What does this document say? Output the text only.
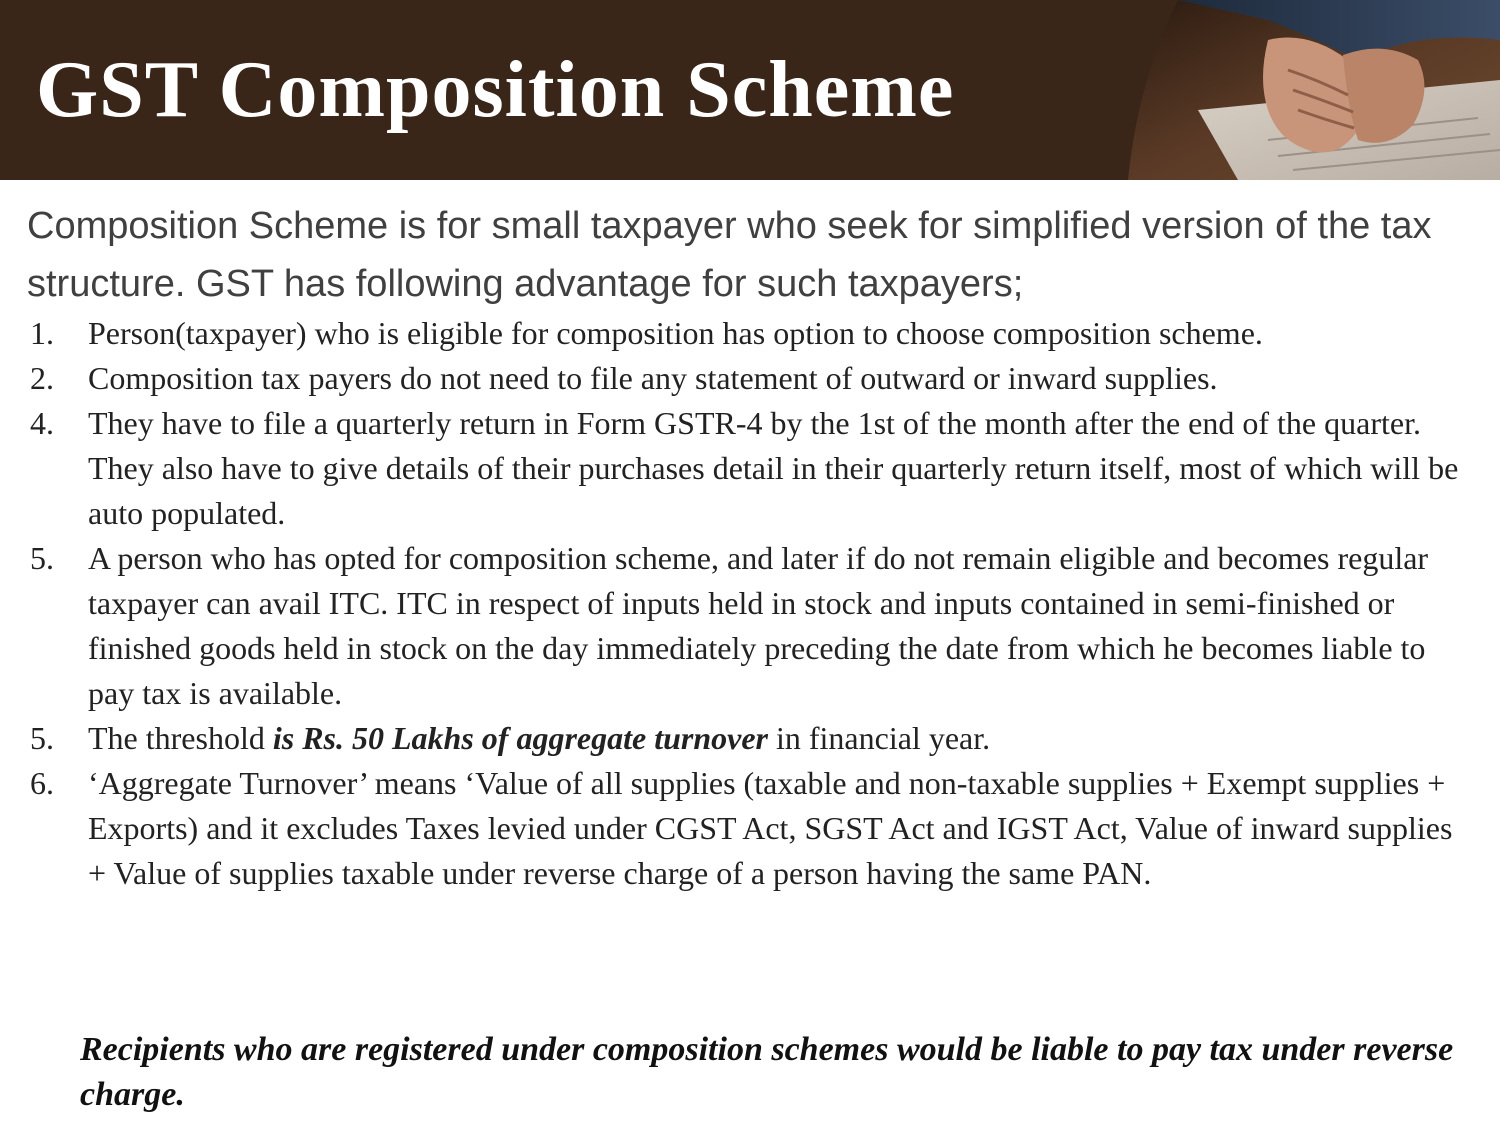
GST Composition Scheme

Composition Scheme is for small taxpayer who seek for simplified version of the tax structure. GST has following advantage for such taxpayers;

1. Person(taxpayer) who is eligible for composition has option to choose composition scheme.
2. Composition tax payers do not need to file any statement of outward or inward supplies.
4. They have to file a quarterly return in Form GSTR-4 by the 1st of the month after the end of the quarter. They also have to give details of their purchases detail in their quarterly return itself, most of which will be auto populated.
5. A person who has opted for composition scheme, and later if do not remain eligible and becomes regular taxpayer can avail ITC. ITC in respect of inputs held in stock and inputs contained in semi-finished or finished goods held in stock on the day immediately preceding the date from which he becomes liable to pay tax is available.
5. The threshold is Rs. 50 Lakhs of aggregate turnover in financial year.
6. ‘Aggregate Turnover’ means ‘Value of all supplies (taxable and non-taxable supplies + Exempt supplies + Exports) and it excludes Taxes levied under CGST Act, SGST Act and IGST Act, Value of inward supplies + Value of supplies taxable under reverse charge of a person having the same PAN.

Recipients who are registered under composition schemes would be liable to pay tax under reverse charge.
